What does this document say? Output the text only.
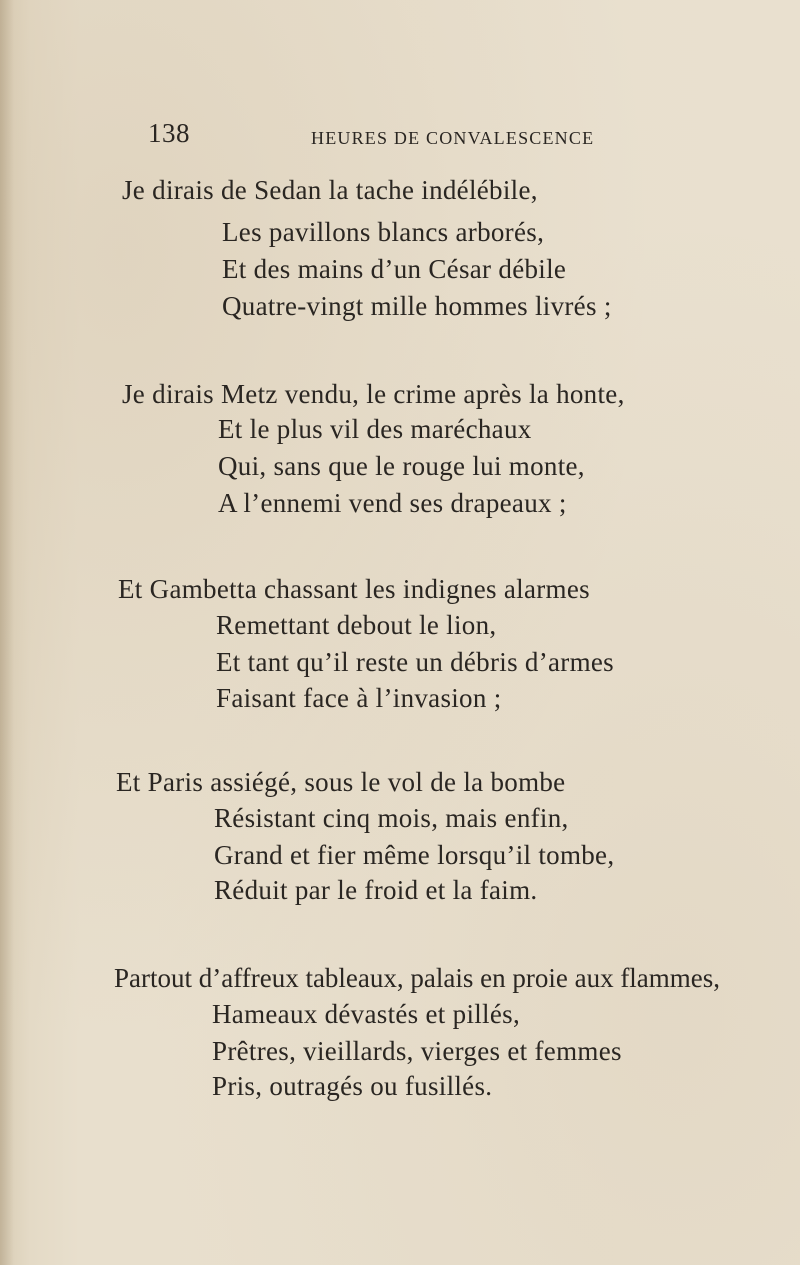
138	HEURES DE CONVALESCENCE
Je dirais de Sedan la tache indélébile,
Les pavillons blancs arborés,
Et des mains d’un César débile
Quatre-vingt mille hommes livrés ;
Je dirais Metz vendu, le crime après la honte,
Et le plus vil des maréchaux
Qui, sans que le rouge lui monte,
A l’ennemi vend ses drapeaux ;
Et Gambetta chassant les indignes alarmes
Remettant debout le lion,
Et tant qu’il reste un débris d’armes
Faisant face à l’invasion ;
Et Paris assiégé, sous le vol de la bombe
Résistant cinq mois, mais enfin,
Grand et fier même lorsqu’il tombe,
Réduit par le froid et la faim.
Partout d’affreux tableaux, palais en proie aux flammes,
Hameaux dévastés et pillés,
Prêtres, vieillards, vierges et femmes
Pris, outragés ou fusillés.
